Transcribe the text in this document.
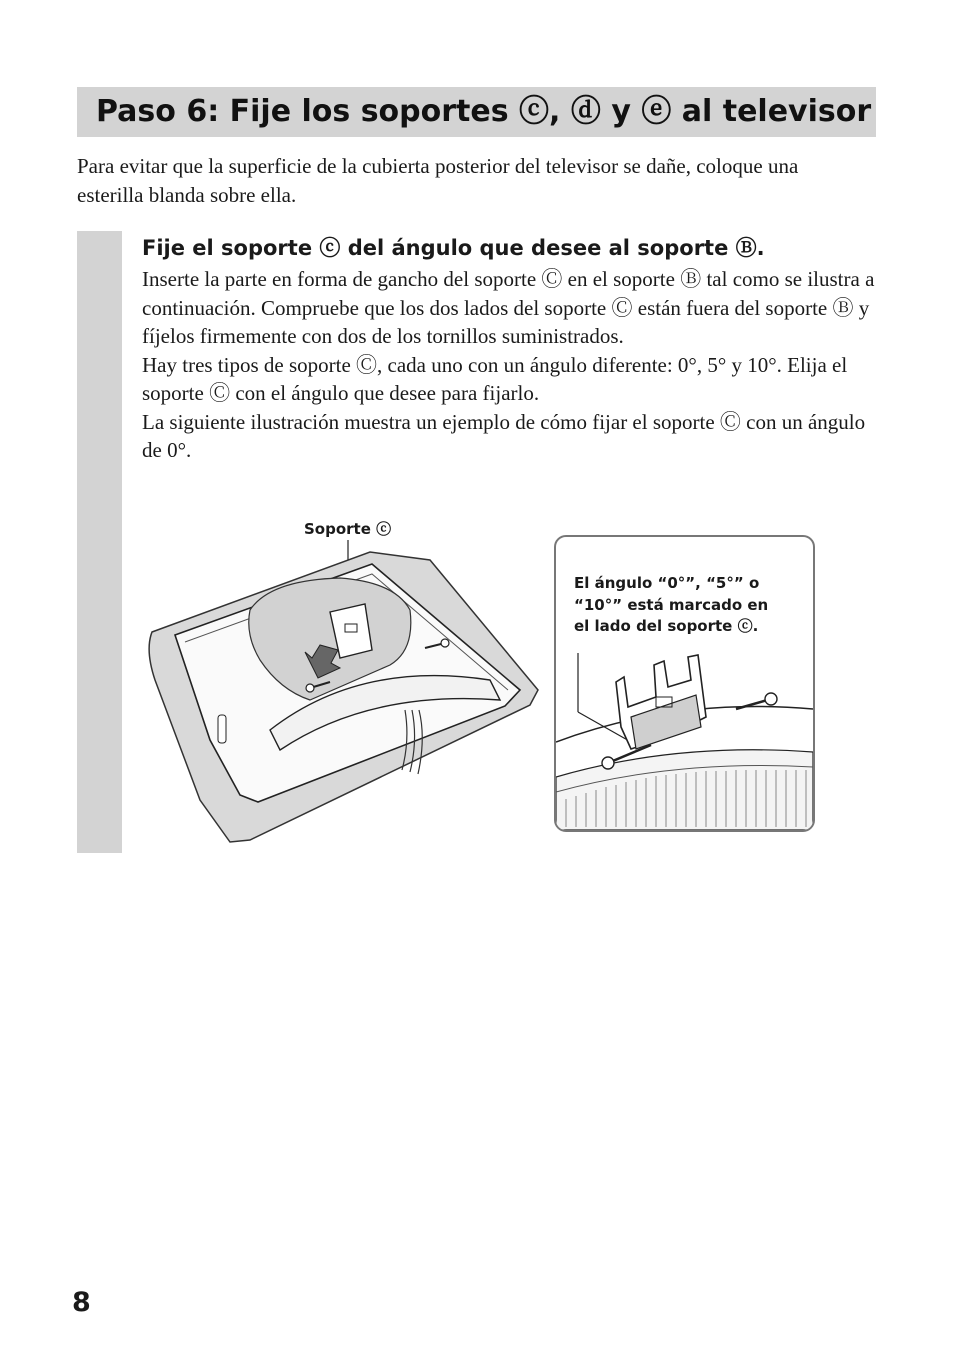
Paso 6: Fije los soportes ⓒ, ⓓ y ⓔ al televisor

Para evitar que la superficie de la cubierta posterior del televisor se dañe, coloque una esterilla blanda sobre ella.

Fije el soporte ⓒ del ángulo que desee al soporte Ⓑ.

Inserte la parte en forma de gancho del soporte Ⓒ en el soporte Ⓑ tal como se ilustra a continuación. Compruebe que los dos lados del soporte Ⓒ están fuera del soporte Ⓑ y fíjelos firmemente con dos de los tornillos suministrados.

Hay tres tipos de soporte Ⓒ, cada uno con un ángulo diferente: 0°, 5° y 10°. Elija el soporte Ⓒ con el ángulo que desee para fijarlo.

La siguiente ilustración muestra un ejemplo de cómo fijar el soporte Ⓒ con un ángulo de 0°.

Soporte ⓒ

El ángulo “0°”, “5°” o “10°” está marcado en el lado del soporte ⓒ.

8
